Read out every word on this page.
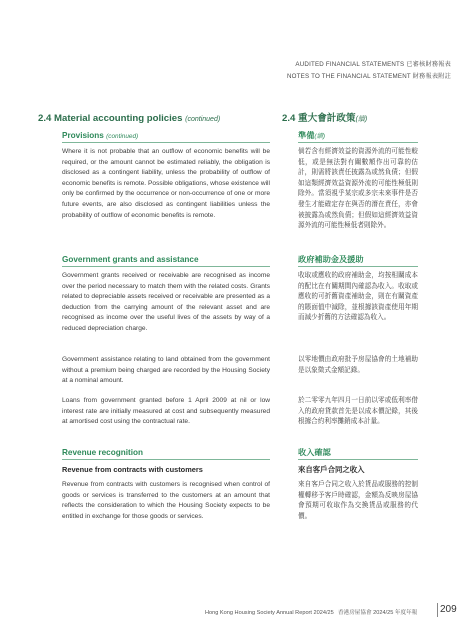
AUDITED FINANCIAL STATEMENTS 已審核財務報表
NOTES TO THE FINANCIAL STATEMENT 財務報表附註
2.4 Material accounting policies (continued)	2.4 重大會計政策(續)
Provisions (continued)	準備(續)
Where it is not probable that an outflow of economic benefits will be required, or the amount cannot be estimated reliably, the obligation is disclosed as a contingent liability, unless the probability of outflow of economic benefits is remote. Possible obligations, whose existence will only be confirmed by the occurrence or non-occurrence of one or more future events, are also disclosed as contingent liabilities unless the probability of outflow of economic benefits is remote.
倘若含有經濟效益的資源外流的可能性較低，或是無法對有關數額作出可靠的估計，則需將該責任披露為或然負債；但假如這類經濟效益資源外流的可能性極低則除外。當須視乎某宗或多宗未來事件是否發生才能確定存在與否的潛在責任，亦會被披露為或然負債；但假如這經濟效益資源外流的可能性極低者則除外。
Government grants and assistance	政府補助金及援助
Government grants received or receivable are recognised as income over the period necessary to match them with the related costs. Grants related to depreciable assets received or receivable are presented as a deduction from the carrying amount of the relevant asset and are recognised as income over the useful lives of the assets by way of a reduced depreciation charge.
收取或應收的政府補助金，均按相關成本的配比在有關期間內確認為收入。收取或應收的可折舊資產補助金，則在有關資產的賬面值中減除，並根據該資產使用年期而減少折舊的方法確認為收入。
Government assistance relating to land obtained from the government without a premium being charged are recorded by the Housing Society at a nominal amount.
以零地價由政府批予房屋協會的土地補助是以象徵式金額記錄。
Loans from government granted before 1 April 2009 at nil or low interest rate are initially measured at cost and subsequently measured at amortised cost using the contractual rate.
於二零零九年四月一日前以零或低利率借入的政府貸款首先是以成本價記錄，其後根據合約利率攤銷成本計量。
Revenue recognition	收入確認
Revenue from contracts with customers	來自客戶合同之收入
Revenue from contracts with customers is recognised when control of goods or services is transferred to the customers at an amount that reflects the consideration to which the Housing Society expects to be entitled in exchange for those goods or services.
來自客戶合同之收入於貨品或服務的控制權轉移予客戶時確認，金額為反映房屋協會預期可收取作為交換貨品或服務的代價。
Hong Kong Housing Society Annual Report 2024/25 香港房屋協會 2024/25 年度年報 209
